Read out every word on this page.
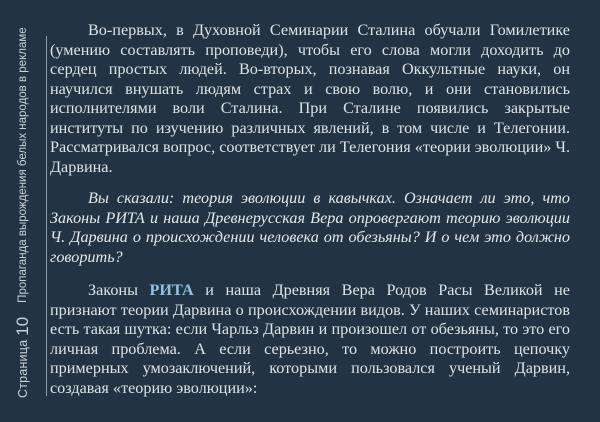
Страница
10
Пропаганда вырождения белых народов в рекламе	Во-первых, в Духовной Семинарии Сталина обучали Гомилетике (умению составлять проповеди), чтобы его слова могли доходить до сердец простых людей. Во-вторых, познавая Оккультные науки, он научился внушать людям страх и свою волю, и они становились исполнителями воли Сталина. При Сталине появились закрытые институты по изучению различных явлений, в том числе и Телегонии. Рассматривался вопрос, соответствует ли Телегония «теории эволюции» Ч. Дарвина.

Вы сказали: теория эволюции в кавычках. Означает ли это, что Законы РИТА и наша Древнерусская Вера опровергают теорию эволюции Ч. Дарвина о происхождении человека от обезьяны? И о чем это должно говорить?

Законы РИТА и наша Древняя Вера Родов Расы Великой не признают теории Дарвина о происхождении видов. У наших семинаристов есть такая шутка: если Чарльз Дарвин и произошел от обезьяны, то это его личная проблема. А если серьезно, то можно построить цепочку примерных умозаключений, которыми пользовался ученый Дарвин, создавая «теорию эволюции»:
